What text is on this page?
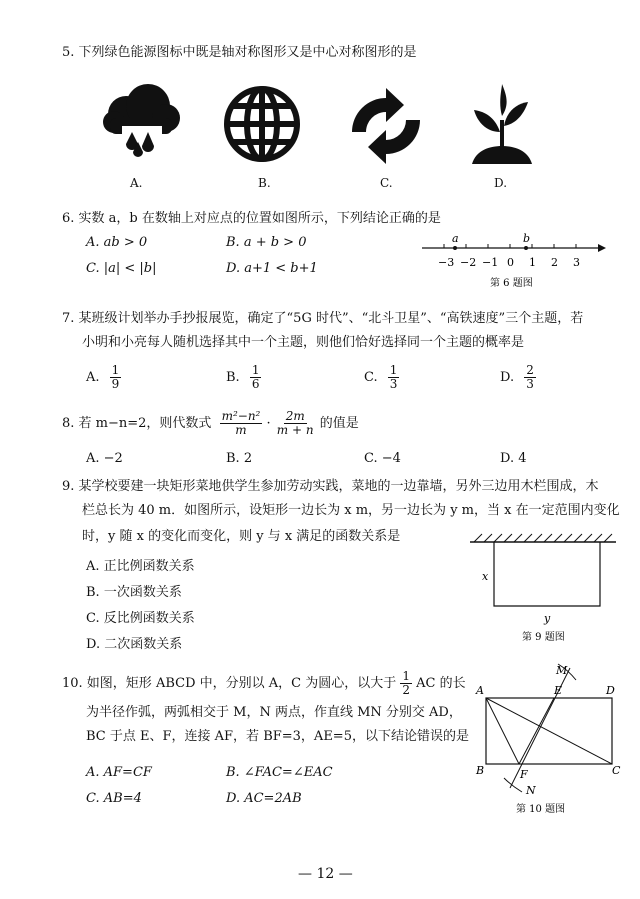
5. 下列绿色能源图标中既是轴对称图形又是中心对称图形的是
A.	B.	C.	D.
6. 实数 a，b 在数轴上对应点的位置如图所示，下列结论正确的是
A. ab > 0	B. a + b > 0
C. |a| < |b|	D. a+1 < b+1
a	b
−3 −2 −1 0 1 2 3
第 6 题图
7. 某班级计划举办手抄报展览，确定了“5G 时代”、“北斗卫星”、“高铁速度”三个主题，若
小明和小亮每人随机选择其中一个主题，则他们恰好选择同一个主题的概率是
A. $\frac{1}{9}$	B. $\frac{1}{6}$	C. $\frac{1}{3}$	D. $\frac{2}{3}$
8. 若 m−n=2，则代数式 $\frac{\text{m²−n²}}{m} \cdot \frac{2m}{m + n}$ 的值是
A. −2	B. 2	C. −4	D. 4
9. 某学校要建一块矩形菜地供学生参加劳动实践，菜地的一边靠墙，另外三边用木栏围成，木
栏总长为 40 m．如图所示，设矩形一边长为 x m，另一边长为 y m，当 x 在一定范围内变化
时，y 随 x 的变化而变化，则 y 与 x 满足的函数关系是
A. 正比例函数关系
B. 一次函数关系
C. 反比例函数关系
D. 二次函数关系
x
y
第 9 题图
10. 如图，矩形 ABCD 中，分别以 A，C 为圆心，以大于 $\frac{1}{2}$ AC 的长
为半径作弧，两弧相交于 M，N 两点，作直线 MN 分别交 AD，
BC 于点 E、F，连接 AF，若 BF=3，AE=5，以下结论错误的是
A. AF=CF	B. ∠FAC=∠EAC
C. AB=4	D. AC=2AB
M
E	D
A
B	F	C
N
第 10 题图
— 12 —
